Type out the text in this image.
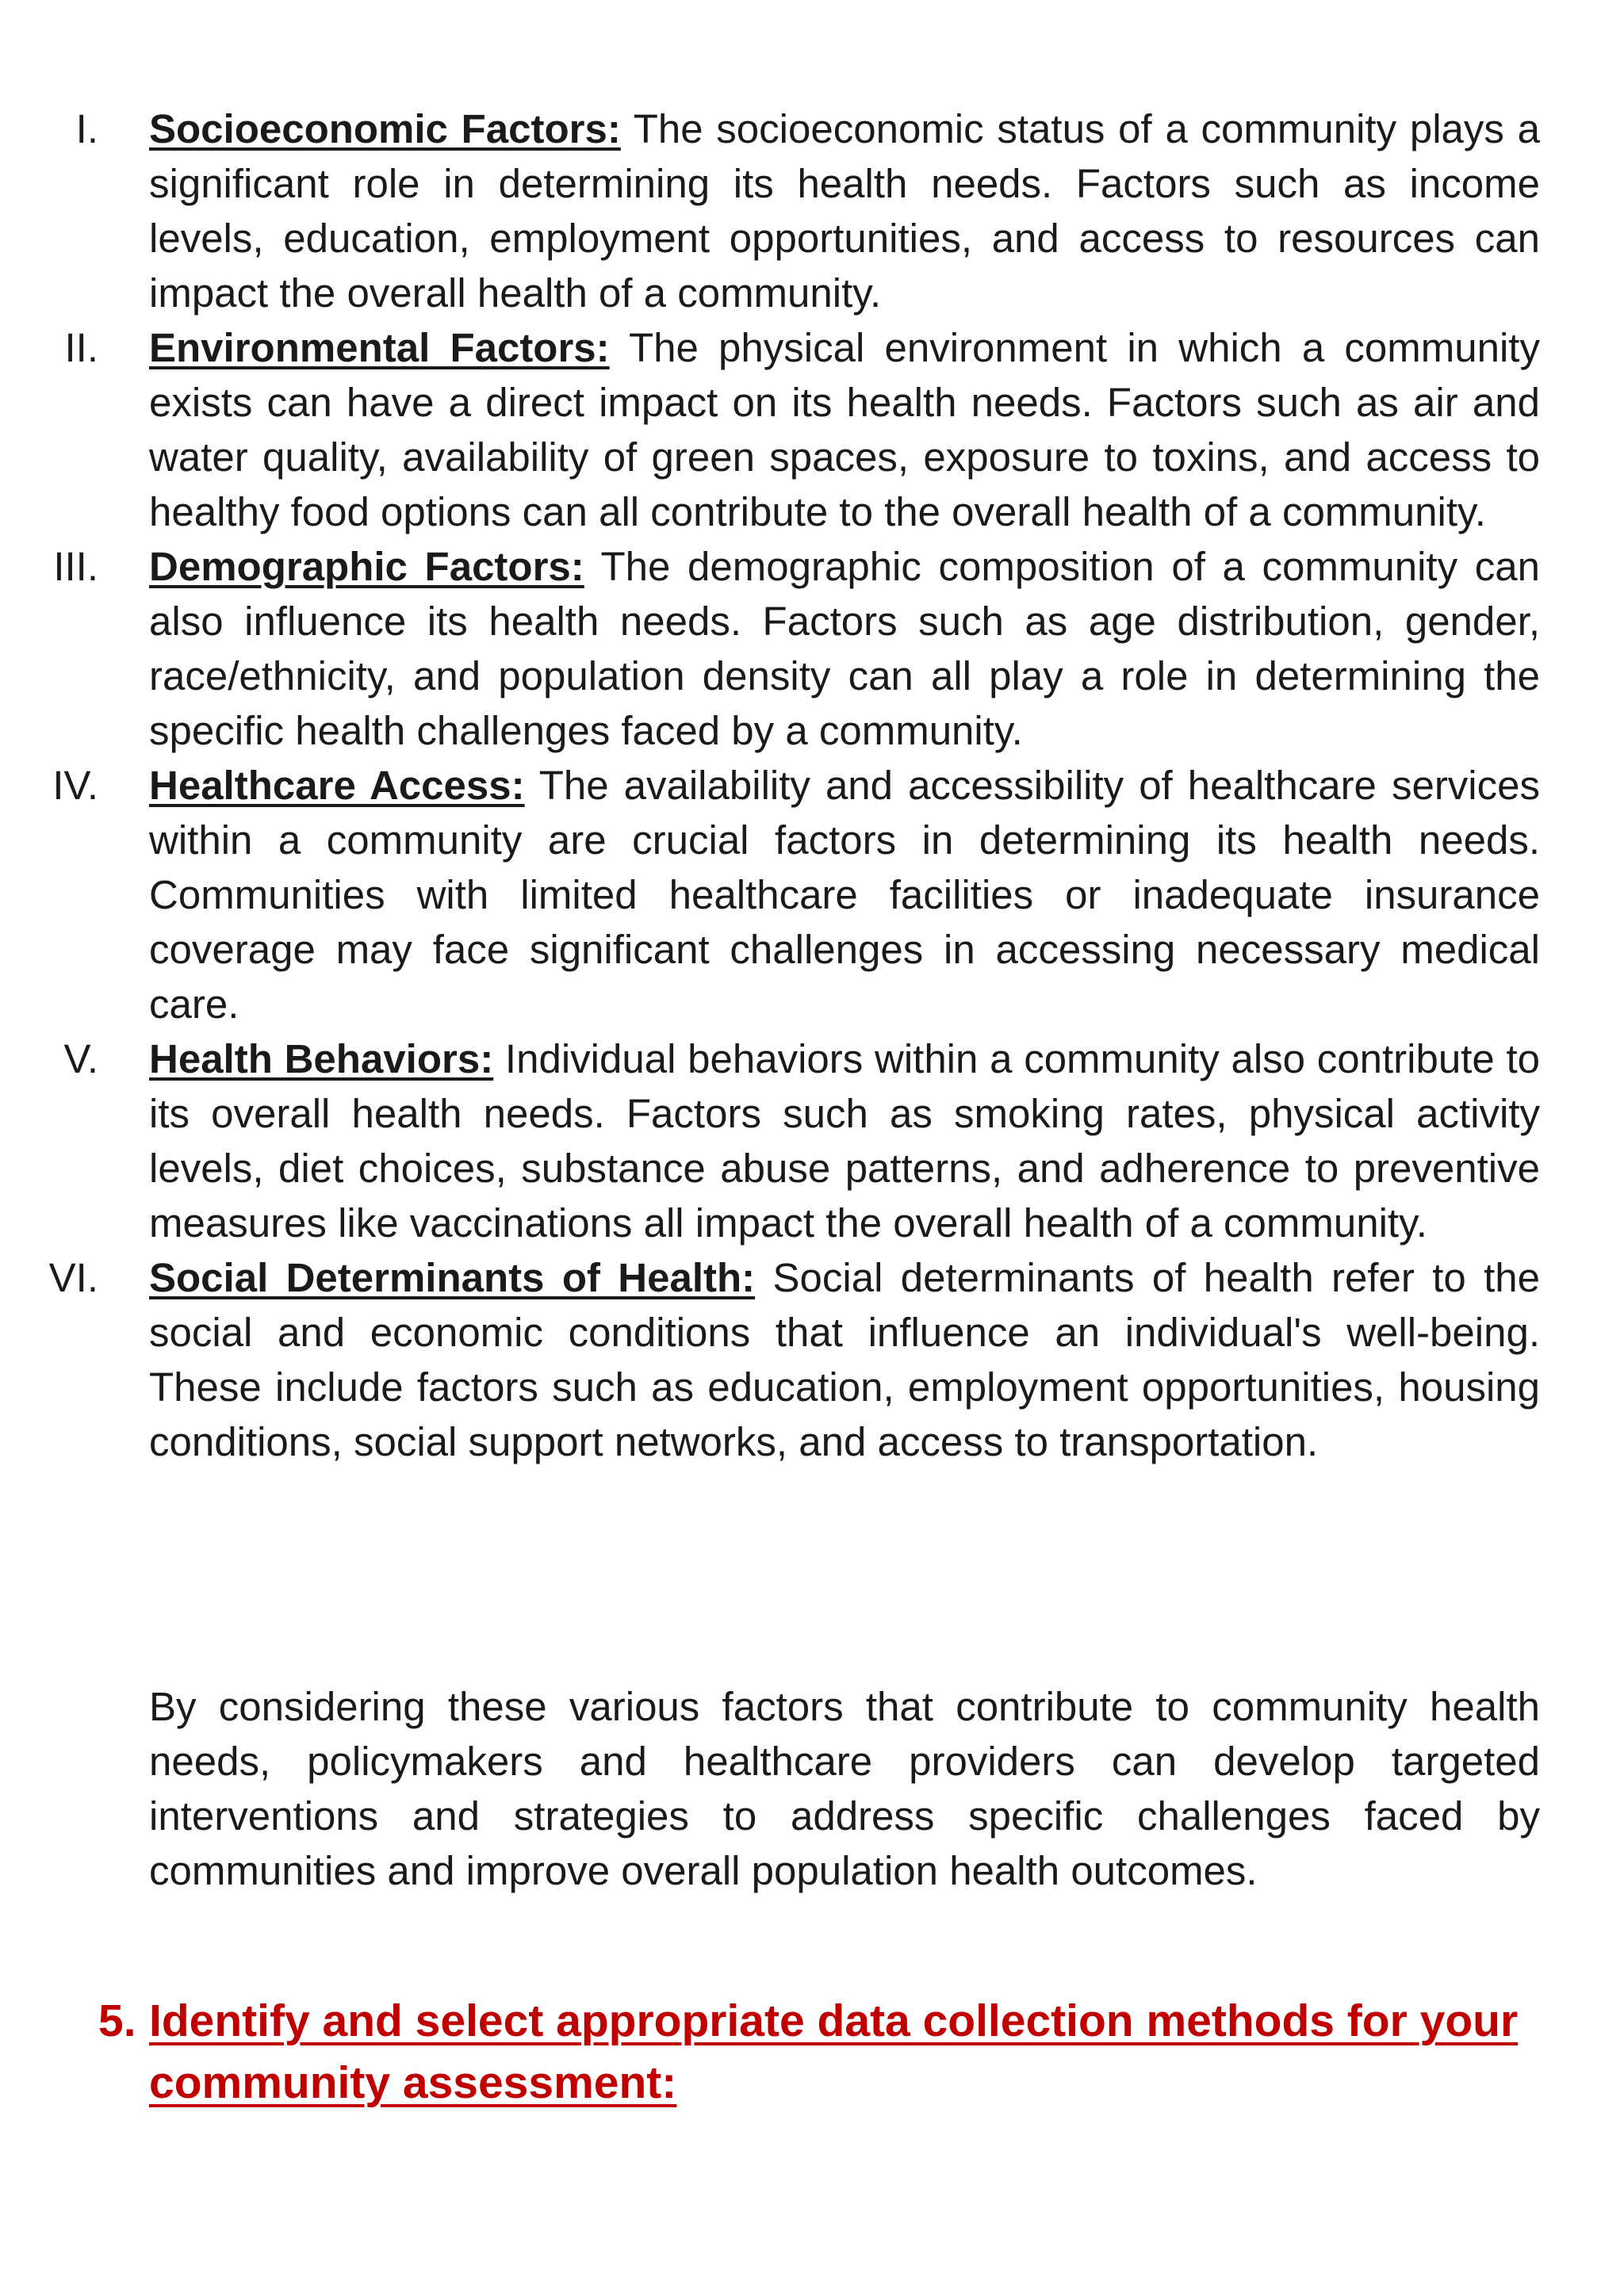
I. Socioeconomic Factors: The socioeconomic status of a community plays a significant role in determining its health needs. Factors such as income levels, education, employment opportunities, and access to resources can impact the overall health of a community.
II. Environmental Factors: The physical environment in which a community exists can have a direct impact on its health needs. Factors such as air and water quality, availability of green spaces, exposure to toxins, and access to healthy food options can all contribute to the overall health of a community.
III. Demographic Factors: The demographic composition of a community can also influence its health needs. Factors such as age distribution, gender, race/ethnicity, and population density can all play a role in determining the specific health challenges faced by a community.
IV. Healthcare Access: The availability and accessibility of healthcare services within a community are crucial factors in determining its health needs. Communities with limited healthcare facilities or inadequate insurance coverage may face significant challenges in accessing necessary medical care.
V. Health Behaviors: Individual behaviors within a community also contribute to its overall health needs. Factors such as smoking rates, physical activity levels, diet choices, substance abuse patterns, and adherence to preventive measures like vaccinations all impact the overall health of a community.
VI. Social Determinants of Health: Social determinants of health refer to the social and economic conditions that influence an individual's well-being. These include factors such as education, employment opportunities, housing conditions, social support networks, and access to transportation.

By considering these various factors that contribute to community health needs, policymakers and healthcare providers can develop targeted interventions and strategies to address specific challenges faced by communities and improve overall population health outcomes.

5. Identify and select appropriate data collection methods for your community assessment:
